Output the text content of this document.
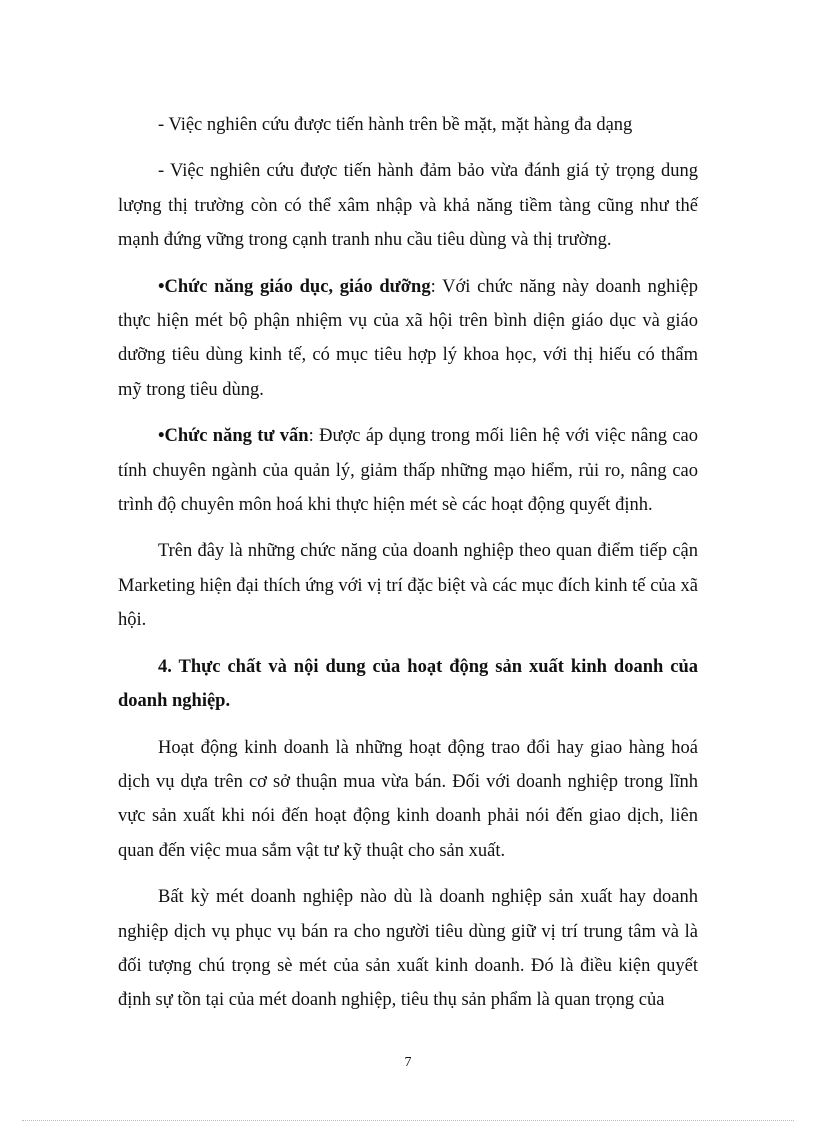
- Việc nghiên cứu được tiến hành trên bề mặt, mặt hàng đa dạng

- Việc nghiên cứu được tiến hành đảm bảo vừa đánh giá tỷ trọng dung lượng thị trường còn có thể xâm nhập và khả năng tiềm tàng cũng như thế mạnh đứng vững trong cạnh tranh nhu cầu tiêu dùng và thị trường.

•Chức năng giáo dục, giáo dưỡng: Với chức năng này doanh nghiệp thực hiện mét bộ phận nhiệm vụ của xã hội trên bình diện giáo dục và giáo dưỡng tiêu dùng kinh tế, có mục tiêu hợp lý khoa học, với thị hiếu có thẩm mỹ trong tiêu dùng.

•Chức năng tư vấn: Được áp dụng trong mối liên hệ với việc nâng cao tính chuyên ngành của quản lý, giảm thấp những mạo hiểm, rủi ro, nâng cao trình độ chuyên môn hoá khi thực hiện mét sè các hoạt động quyết định.

Trên đây là những chức năng của doanh nghiệp theo quan điểm tiếp cận Marketing hiện đại thích ứng với vị trí đặc biệt và các mục đích kinh tế của xã hội.

4. Thực chất và nội dung của hoạt động sản xuất kinh doanh của doanh nghiệp.

Hoạt động kinh doanh là những hoạt động trao đổi hay giao hàng hoá dịch vụ dựa trên cơ sở thuận mua vừa bán. Đối với doanh nghiệp trong lĩnh vực sản xuất khi nói đến hoạt động kinh doanh phải nói đến giao dịch, liên quan đến việc mua sắm vật tư kỹ thuật cho sản xuất.

Bất kỳ mét doanh nghiệp nào dù là doanh nghiệp sản xuất hay doanh nghiệp dịch vụ phục vụ bán ra cho người tiêu dùng giữ vị trí trung tâm và là đối tượng chú trọng sè mét của sản xuất kinh doanh. Đó là điều kiện quyết định sự tồn tại của mét doanh nghiệp, tiêu thụ sản phẩm là quan trọng của

7
